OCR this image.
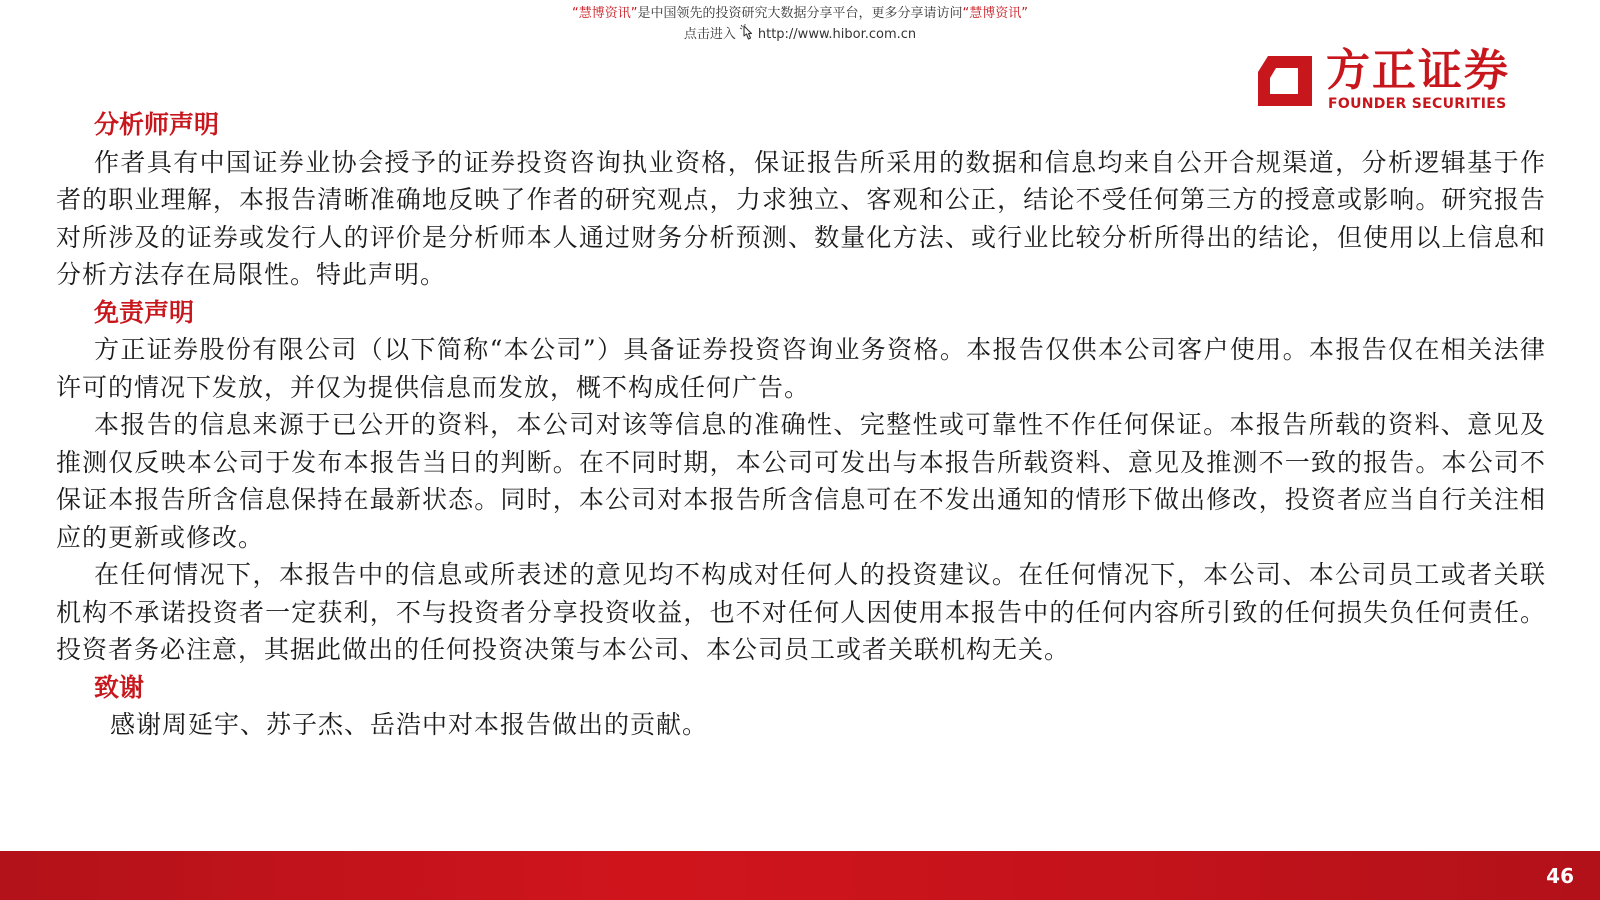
“慧博资讯”是中国领先的投资研究大数据分享平台，更多分享请访问“慧博资讯”
点击进入 http://www.hibor.com.cn
方正证券
FOUNDER SECURITIES
分析师声明

作者具有中国证券业协会授予的证券投资咨询执业资格，保证报告所采用的数据和信息均来自公开合规渠道，分析逻辑基于作者的职业理解，本报告清晰准确地反映了作者的研究观点，力求独立、客观和公正，结论不受任何第三方的授意或影响。研究报告对所涉及的证券或发行人的评价是分析师本人通过财务分析预测、数量化方法、或行业比较分析所得出的结论，但使用以上信息和分析方法存在局限性。特此声明。

免责声明

方正证券股份有限公司（以下简称“本公司”）具备证券投资咨询业务资格。本报告仅供本公司客户使用。本报告仅在相关法律许可的情况下发放，并仅为提供信息而发放，概不构成任何广告。

本报告的信息来源于已公开的资料，本公司对该等信息的准确性、完整性或可靠性不作任何保证。本报告所载的资料、意见及推测仅反映本公司于发布本报告当日的判断。在不同时期，本公司可发出与本报告所载资料、意见及推测不一致的报告。本公司不保证本报告所含信息保持在最新状态。同时，本公司对本报告所含信息可在不发出通知的情形下做出修改，投资者应当自行关注相应的更新或修改。

在任何情况下，本报告中的信息或所表述的意见均不构成对任何人的投资建议。在任何情况下，本公司、本公司员工或者关联机构不承诺投资者一定获利，不与投资者分享投资收益，也不对任何人因使用本报告中的任何内容所引致的任何损失负任何责任。投资者务必注意，其据此做出的任何投资决策与本公司、本公司员工或者关联机构无关。

致谢

感谢周延宇、苏子杰、岳浩中对本报告做出的贡献。

46
